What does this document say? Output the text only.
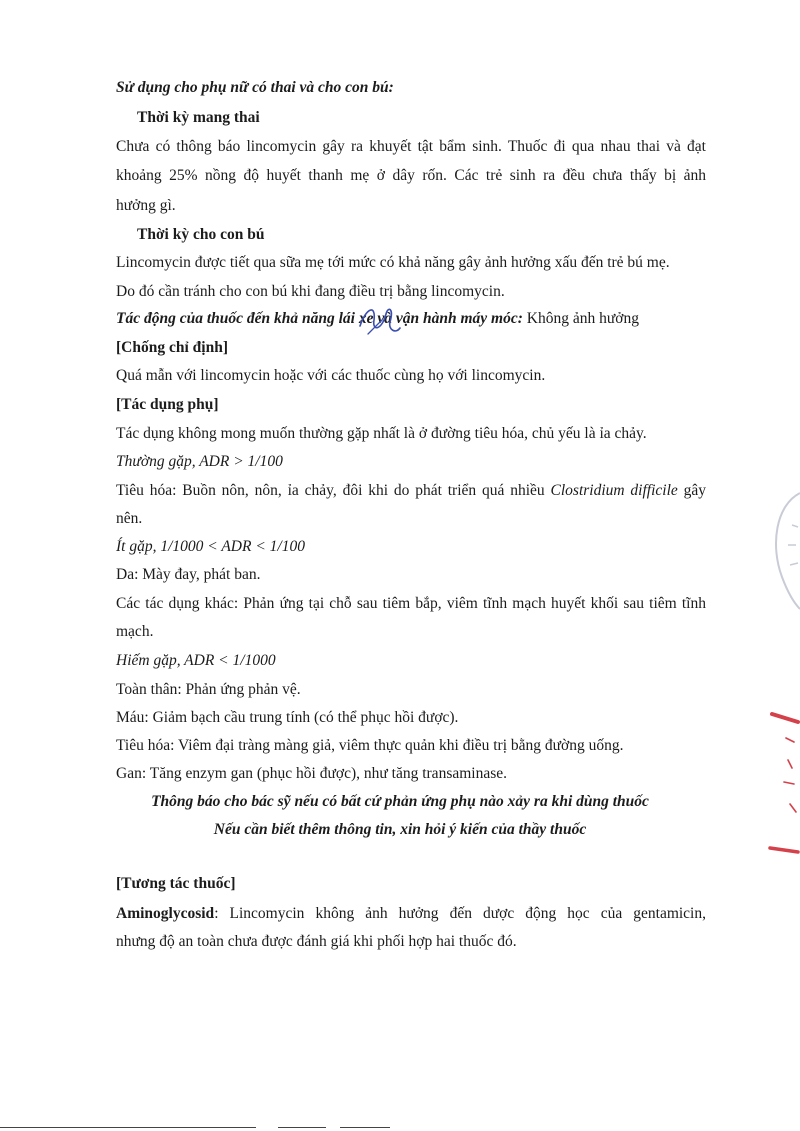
Sử dụng cho phụ nữ có thai và cho con bú:
Thời kỳ mang thai
Chưa có thông báo lincomycin gây ra khuyết tật bẩm sinh. Thuốc đi qua nhau thai và đạt
khoảng 25% nồng độ huyết thanh mẹ ở dây rốn. Các trẻ sinh ra đều chưa thấy bị ảnh
hưởng gì.
Thời kỳ cho con bú
Lincomycin được tiết qua sữa mẹ tới mức có khả năng gây ảnh hưởng xấu đến trẻ bú mẹ.
Do đó cần tránh cho con bú khi đang điều trị bằng lincomycin.
Tác động của thuốc đến khả năng lái xe và vận hành máy móc: Không ảnh hưởng
[Chống chỉ định]
Quá mẫn với lincomycin hoặc với các thuốc cùng họ với lincomycin.
[Tác dụng phụ]
Tác dụng không mong muốn thường gặp nhất là ở đường tiêu hóa, chủ yếu là ỉa chảy.
Thường gặp, ADR > 1/100
Tiêu hóa: Buồn nôn, nôn, ỉa chảy, đôi khi do phát triển quá nhiều Clostridium difficile gây
nên.
Ít gặp, 1/1000 < ADR < 1/100
Da: Mày đay, phát ban.
Các tác dụng khác: Phản ứng tại chỗ sau tiêm bắp, viêm tĩnh mạch huyết khối sau tiêm tĩnh
mạch.
Hiếm gặp, ADR < 1/1000
Toàn thân: Phản ứng phản vệ.
Máu: Giảm bạch cầu trung tính (có thể phục hồi được).
Tiêu hóa: Viêm đại tràng màng giả, viêm thực quản khi điều trị bằng đường uống.
Gan: Tăng enzym gan (phục hồi được), như tăng transaminase.
Thông báo cho bác sỹ nếu có bất cứ phản ứng phụ nào xảy ra khi dùng thuốc
Nếu cần biết thêm thông tin, xin hỏi ý kiến của thầy thuốc
[Tương tác thuốc]
Aminoglycosid: Lincomycin không ảnh hưởng đến dược động học của gentamicin,
nhưng độ an toàn chưa được đánh giá khi phối hợp hai thuốc đó.
